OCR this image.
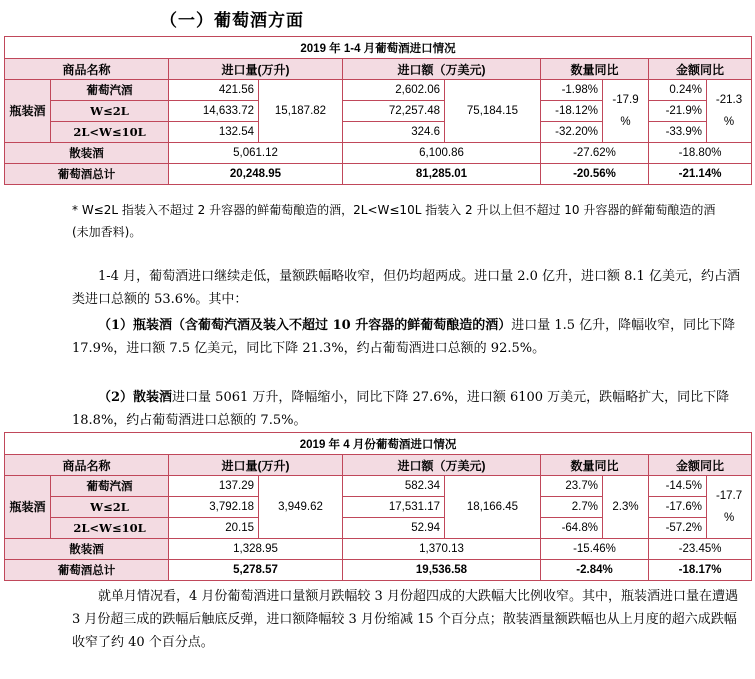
（一）葡萄酒方面
2019 年 1-4 月葡萄酒进口情况									
商品名称		进口量(万升)		进口额（万美元)		数量同比		金额同比	
瓶装酒	葡萄汽酒	421.56	15,187.82	2,602.06	75,184.15	-1.98%	-17.9 %	0.24%	-21.3 %
	W≤2L	14,633.72		72,257.48		-18.12%		-21.9%	
	2L<W≤10L	132.54		324.6		-32.20%		-33.9%	
散装酒		5,061.12		6,100.86		-27.62%		-18.80%	
葡萄酒总计		20,248.95		81,285.01		-20.56%		-21.14%	
* W≤2L 指装入不超过 2 升容器的鲜葡萄酿造的酒，2L<W≤10L 指装入 2 升以上但不超过 10 升容器的鲜葡萄酿造的酒(未加香料)。

1-4 月，葡萄酒进口继续走低，量额跌幅略收窄，但仍均超两成。进口量 2.0 亿升，进口额 8.1 亿美元，约占酒类进口总额的 53.6%。其中：

（1）瓶装酒（含葡萄汽酒及装入不超过 10 升容器的鲜葡萄酿造的酒）进口量 1.5 亿升，降幅收窄，同比下降 17.9%，进口额 7.5 亿美元，同比下降 21.3%，约占葡萄酒进口总额的 92.5%。

（2）散装酒进口量 5061 万升，降幅缩小，同比下降 27.6%，进口额 6100 万美元，跌幅略扩大，同比下降 18.8%，约占葡萄酒进口总额的 7.5%。

2019 年 4 月份葡萄酒进口情况									
商品名称		进口量(万升)		进口额（万美元)		数量同比		金额同比	
瓶装酒	葡萄汽酒	137.29	3,949.62	582.34	18,166.45	23.7%	2.3%	-14.5%	-17.7 %
	W≤2L	3,792.18		17,531.17		2.7%		-17.6%	
	2L<W≤10L	20.15		52.94		-64.8%		-57.2%	
散装酒		1,328.95		1,370.13		-15.46%		-23.45%	
葡萄酒总计		5,278.57		19,536.58		-2.84%		-18.17%	

就单月情况看，4 月份葡萄酒进口量额月跌幅较 3 月份超四成的大跌幅大比例收窄。其中，瓶装酒进口量在遭遇 3 月份超三成的跌幅后触底反弹，进口额降幅较 3 月份缩减 15 个百分点；散装酒量额跌幅也从上月度的超六成跌幅收窄了约 40 个百分点。
